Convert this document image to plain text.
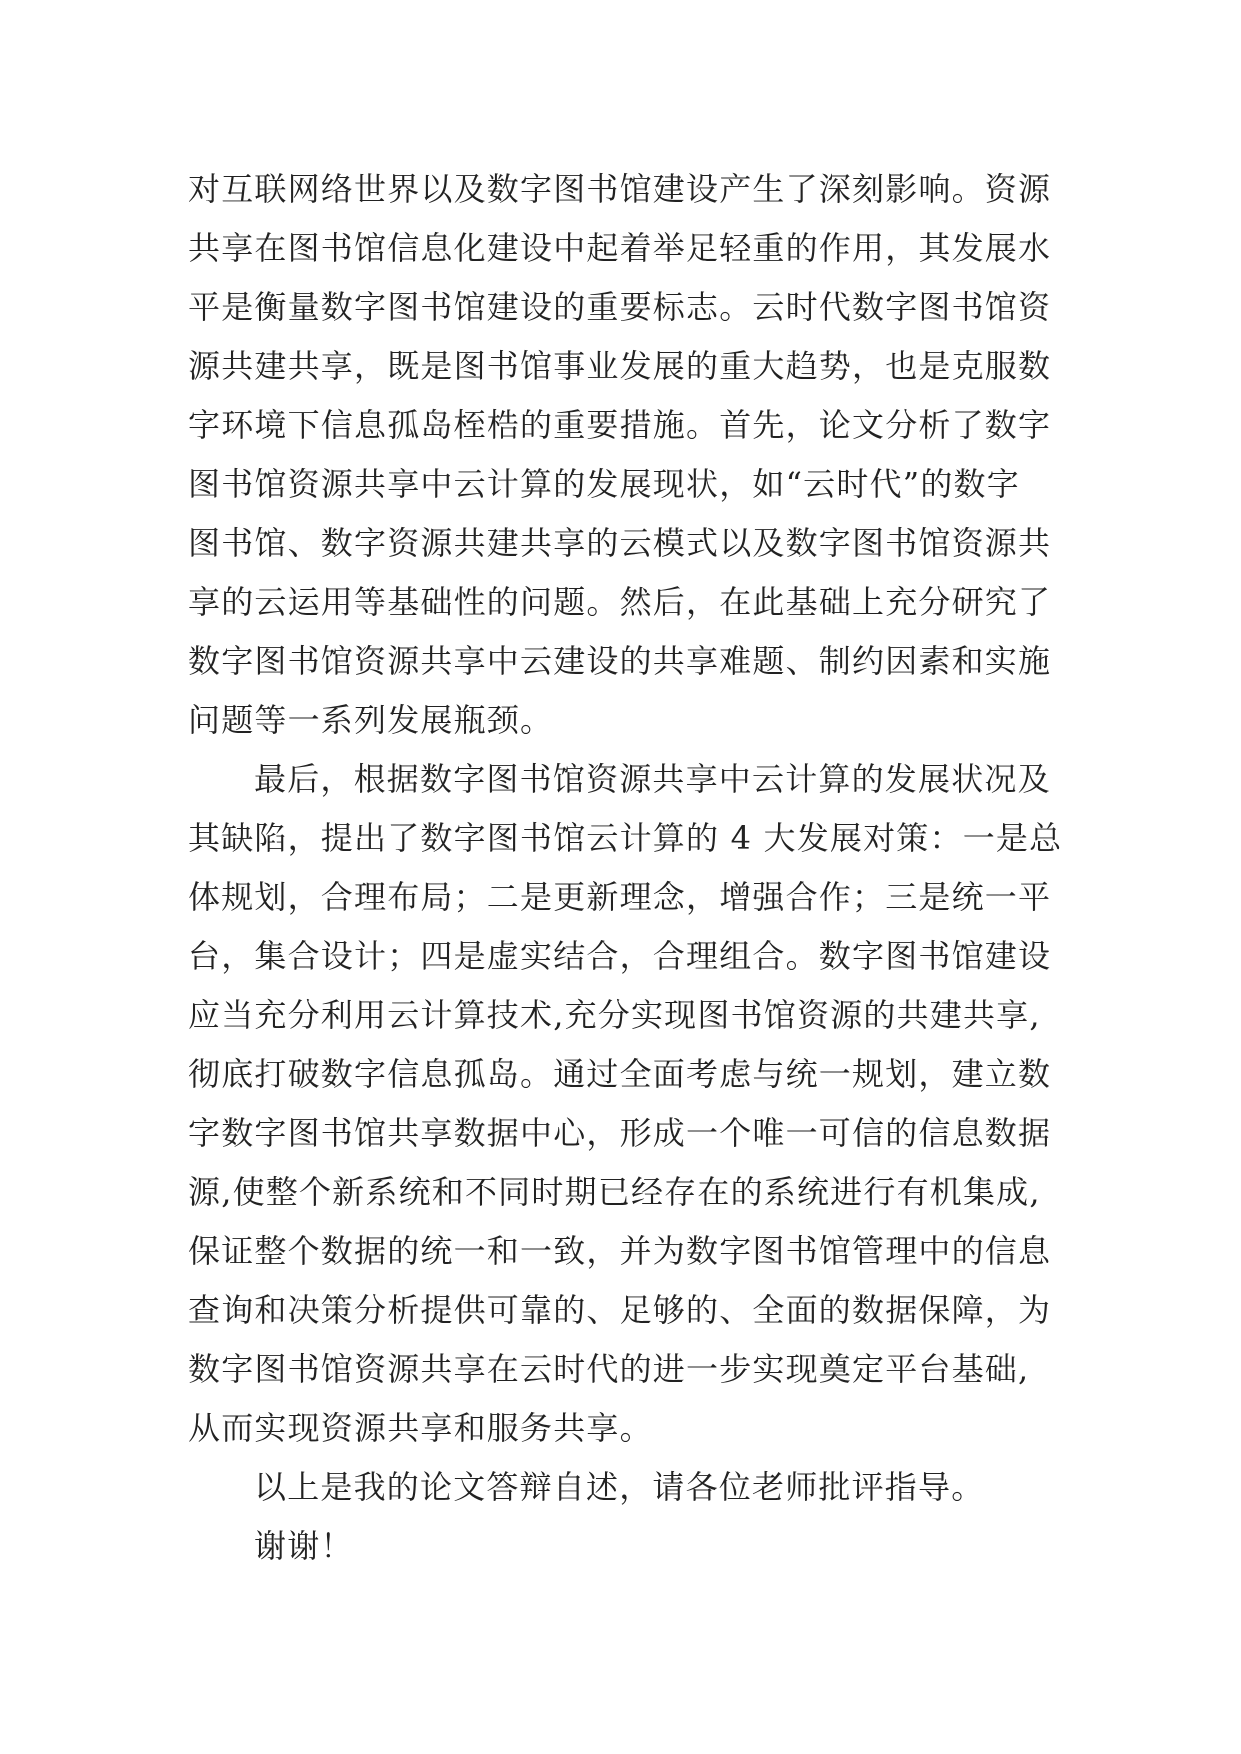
对互联网络世界以及数字图书馆建设产生了深刻影响。资源
共享在图书馆信息化建设中起着举足轻重的作用，其发展水
平是衡量数字图书馆建设的重要标志。云时代数字图书馆资
源共建共享，既是图书馆事业发展的重大趋势，也是克服数
字环境下信息孤岛桎梏的重要措施。首先，论文分析了数字
图书馆资源共享中云计算的发展现状，如“云时代”的数字
图书馆、数字资源共建共享的云模式以及数字图书馆资源共
享的云运用等基础性的问题。然后，在此基础上充分研究了
数字图书馆资源共享中云建设的共享难题、制约因素和实施
问题等一系列发展瓶颈。
最后，根据数字图书馆资源共享中云计算的发展状况及
其缺陷，提出了数字图书馆云计算的 4 大发展对策：一是总
体规划，合理布局；二是更新理念，增强合作；三是统一平
台，集合设计；四是虚实结合，合理组合。数字图书馆建设
应当充分利用云计算技术,充分实现图书馆资源的共建共享,
彻底打破数字信息孤岛。通过全面考虑与统一规划，建立数
字数字图书馆共享数据中心，形成一个唯一可信的信息数据
源,使整个新系统和不同时期已经存在的系统进行有机集成,
保证整个数据的统一和一致，并为数字图书馆管理中的信息
查询和决策分析提供可靠的、足够的、全面的数据保障，为
数字图书馆资源共享在云时代的进一步实现奠定平台基础,
从而实现资源共享和服务共享。
以上是我的论文答辩自述，请各位老师批评指导。
谢谢！
